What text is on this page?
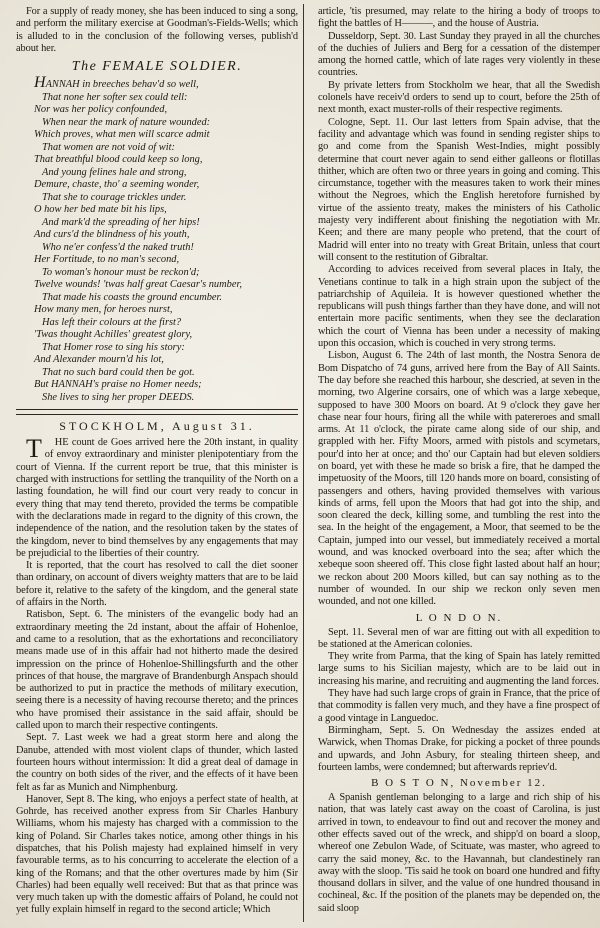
For a supply of ready money, she has been induced to sing a song, and perform the military exercise at Goodman's-Fields-Wells; which is alluded to in the conclusion of the following verses, publish'd about her.

The FEMALE SOLDIER.
HANNAH in breeches behav'd so well,
That none her softer sex could tell:
Nor was her policy confounded,
When near the mark of nature wounded:
Which proves, what men will scarce admit
That women are not void of wit:
That breathful blood could keep so long,
And young felines hale and strong,
Demure, chaste, tho' a seeming wonder,
That she to courage trickles under.
O how her bed mate bit his lips,
And mark'd the spreading of her hips!
And curs'd the blindness of his youth,
Who ne'er confess'd the naked truth!
Her Fortitude, to no man's second,
To woman's honour must be reckon'd;
Twelve wounds! 'twas half great Caesar's number,
That made his coasts the ground encumber.
How many men, for heroes nurst,
Has left their colours at the first?
'Twas thought Achilles' greatest glory,
That Homer rose to sing his story:
And Alexander mourn'd his lot,
That no such bard could then be got.
But HANNAH's praise no Homer needs;
She lives to sing her proper DEEDS.
STOCKHOLM, August 31.

THE count de Goes arrived here the 20th instant, in quality of envoy extraordinary and minister plenipotentiary from the court of Vienna. If the current report be true, that this minister is charged with instructions for settling the tranquility of the North on a lasting foundation, he will find our court very ready to concur in every thing that may tend thereto, provided the terms be compatible with the declarations made in regard to the dignity of this crown, the independence of the nation, and the resolution taken by the states of the kingdom, never to bind themselves by any engagements that may be prejudicial to the liberties of their country.

It is reported, that the court has resolved to call the diet sooner than ordinary, on account of divers weighty matters that are to be laid before it, relative to the safety of the kingdom, and the general state of affairs in the North.

Ratisbon, Sept. 6. The ministers of the evangelic body had an extraordinary meeting the 2d instant, about the affair of Hohenloe, and came to a resolution, that as the exhortations and reconciliatory means made use of in this affair had not hitherto made the desired impression on the prince of Hohenloe-Shillingsfurth and the other princes of that house, the margrave of Brandenburgh Anspach should be authorized to put in practice the methods of military execution, seeing there is a necessity of having recourse thereto; and the princes who have promised their assistance in the said affair, should be called upon to march their respective contingents.

Sept. 7. Last week we had a great storm here and along the Danube, attended with most violent claps of thunder, which lasted fourteen hours without intermission: It did a great deal of damage in the country on both sides of the river, and the effects of it have been felt as far as Munich and Nimphenburg.

Hanover, Sept 8. The king, who enjoys a perfect state of health, at Gohrde, has received another express from Sir Charles Hanbury Williams, whom his majesty has charged with a commission to the king of Poland. Sir Charles takes notice, among other things in his dispatches, that his Polish majesty had explained himself in very favourable terms, as to his concurring to accelerate the election of a king of the Romans; and that the other overtures made by him (Sir Charles) had been equally well received: But that as that prince was very much taken up with the domestic affairs of Poland, he could not yet fully explain himself in regard to the second article; Which

article, 'tis presumed, may relate to the hiring a body of troops to fight the battles of H———, and the house of Austria.

Dusseldorp, Sept. 30. Last Sunday they prayed in all the churches of the duchies of Juliers and Berg for a cessation of the distemper among the horned cattle, which of late rages very violently in these countries.

By private letters from Stockholm we hear, that all the Swedish colonels have receiv'd orders to send up to court, before the 25th of next month, exact muster-rolls of their respective regiments.

Cologne, Sept. 11. Our last letters from Spain advise, that the facility and advantage which was found in sending register ships to go and come from the Spanish West-Indies, might possibly determine that court never again to send either galleons or flotillas thither, which are often two or three years in going and coming. This circumstance, together with the measures taken to work their mines without the Negroes, which the English heretofore furnished by virtue of the assiento treaty, makes the ministers of his Catholic majesty very indifferent about finishing the negotiation with Mr. Keen; and there are many people who pretend, that the court of Madrid will enter into no treaty with Great Britain, unless that court will consent to the restitution of Gibraltar.

According to advices received from several places in Italy, the Venetians continue to talk in a high strain upon the subject of the patriarchship of Aquileia. It is however questioned whether the republicans will push things farther than they have done, and will not entertain more pacific sentiments, when they see the declaration which the court of Vienna has been under a necessity of making upon this occasion, which is couched in very strong terms.

Lisbon, August 6. The 24th of last month, the Nostra Senora de Bom Dispatcho of 74 guns, arrived here from the Bay of All Saints. The day before she reached this harbour, she descried, at seven in the morning, two Algerine corsairs, one of which was a large xebeque, supposed to have 300 Moors on board. At 9 o'clock they gave her chase near four hours, firing all the while with patereroes and small arms. At 11 o'clock, the pirate came along side of our ship, and grappled with her. Fifty Moors, armed with pistols and scymetars, pour'd into her at once; and tho' our Captain had but eleven soldiers on board, yet with these he made so brisk a fire, that he damped the impetuosity of the Moors, till 120 hands more on board, consisting of passengers and others, having provided themselves with various kinds of arms, fell upon the Moors that had got into the ship, and soon cleared the deck, killing some, and tumbling the rest into the sea. In the height of the engagement, a Moor, that seemed to be the Captain, jumped into our vessel, but immediately received a mortal wound, and was knocked overboard into the sea; after which the xebeque soon sheered off. This close fight lasted about half an hour; we reckon about 200 Moors killed, but can say nothing as to the number of wounded. In our ship we reckon only seven men wounded, and not one killed.

L O N D O N.

Sept. 11. Several men of war are fitting out with all expedition to be stationed at the American colonies.

They write from Parma, that the king of Spain has lately remitted large sums to his Sicilian majesty, which are to be laid out in increasing his marine, and recruiting and augmenting the land forces.

They have had such large crops of grain in France, that the price of that commodity is fallen very much, and they have a fine prospect of a good vintage in Languedoc.

Birmingham, Sept. 5. On Wednesday the assizes ended at Warwick, when Thomas Drake, for picking a pocket of three pounds and upwards, and John Asbury, for stealing thirteen sheep, and fourteen lambs, were condemned; but afterwards repriev'd.

B O S T O N, November 12.

A Spanish gentleman belonging to a large and rich ship of his nation, that was lately cast away on the coast of Carolina, is just arrived in town, to endeavour to find out and recover the money and other effects saved out of the wreck, and shipp'd on board a sloop, whereof one Zebulon Wade, of Scituate, was master, who agreed to carry the said money, &c. to the Havannah, but clandestinely ran away with the sloop. 'Tis said he took on board one hundred and fifty thousand dollars in silver, and the value of one hundred thousand in cochineal, &c. If the position of the planets may be depended on, the said sloop
